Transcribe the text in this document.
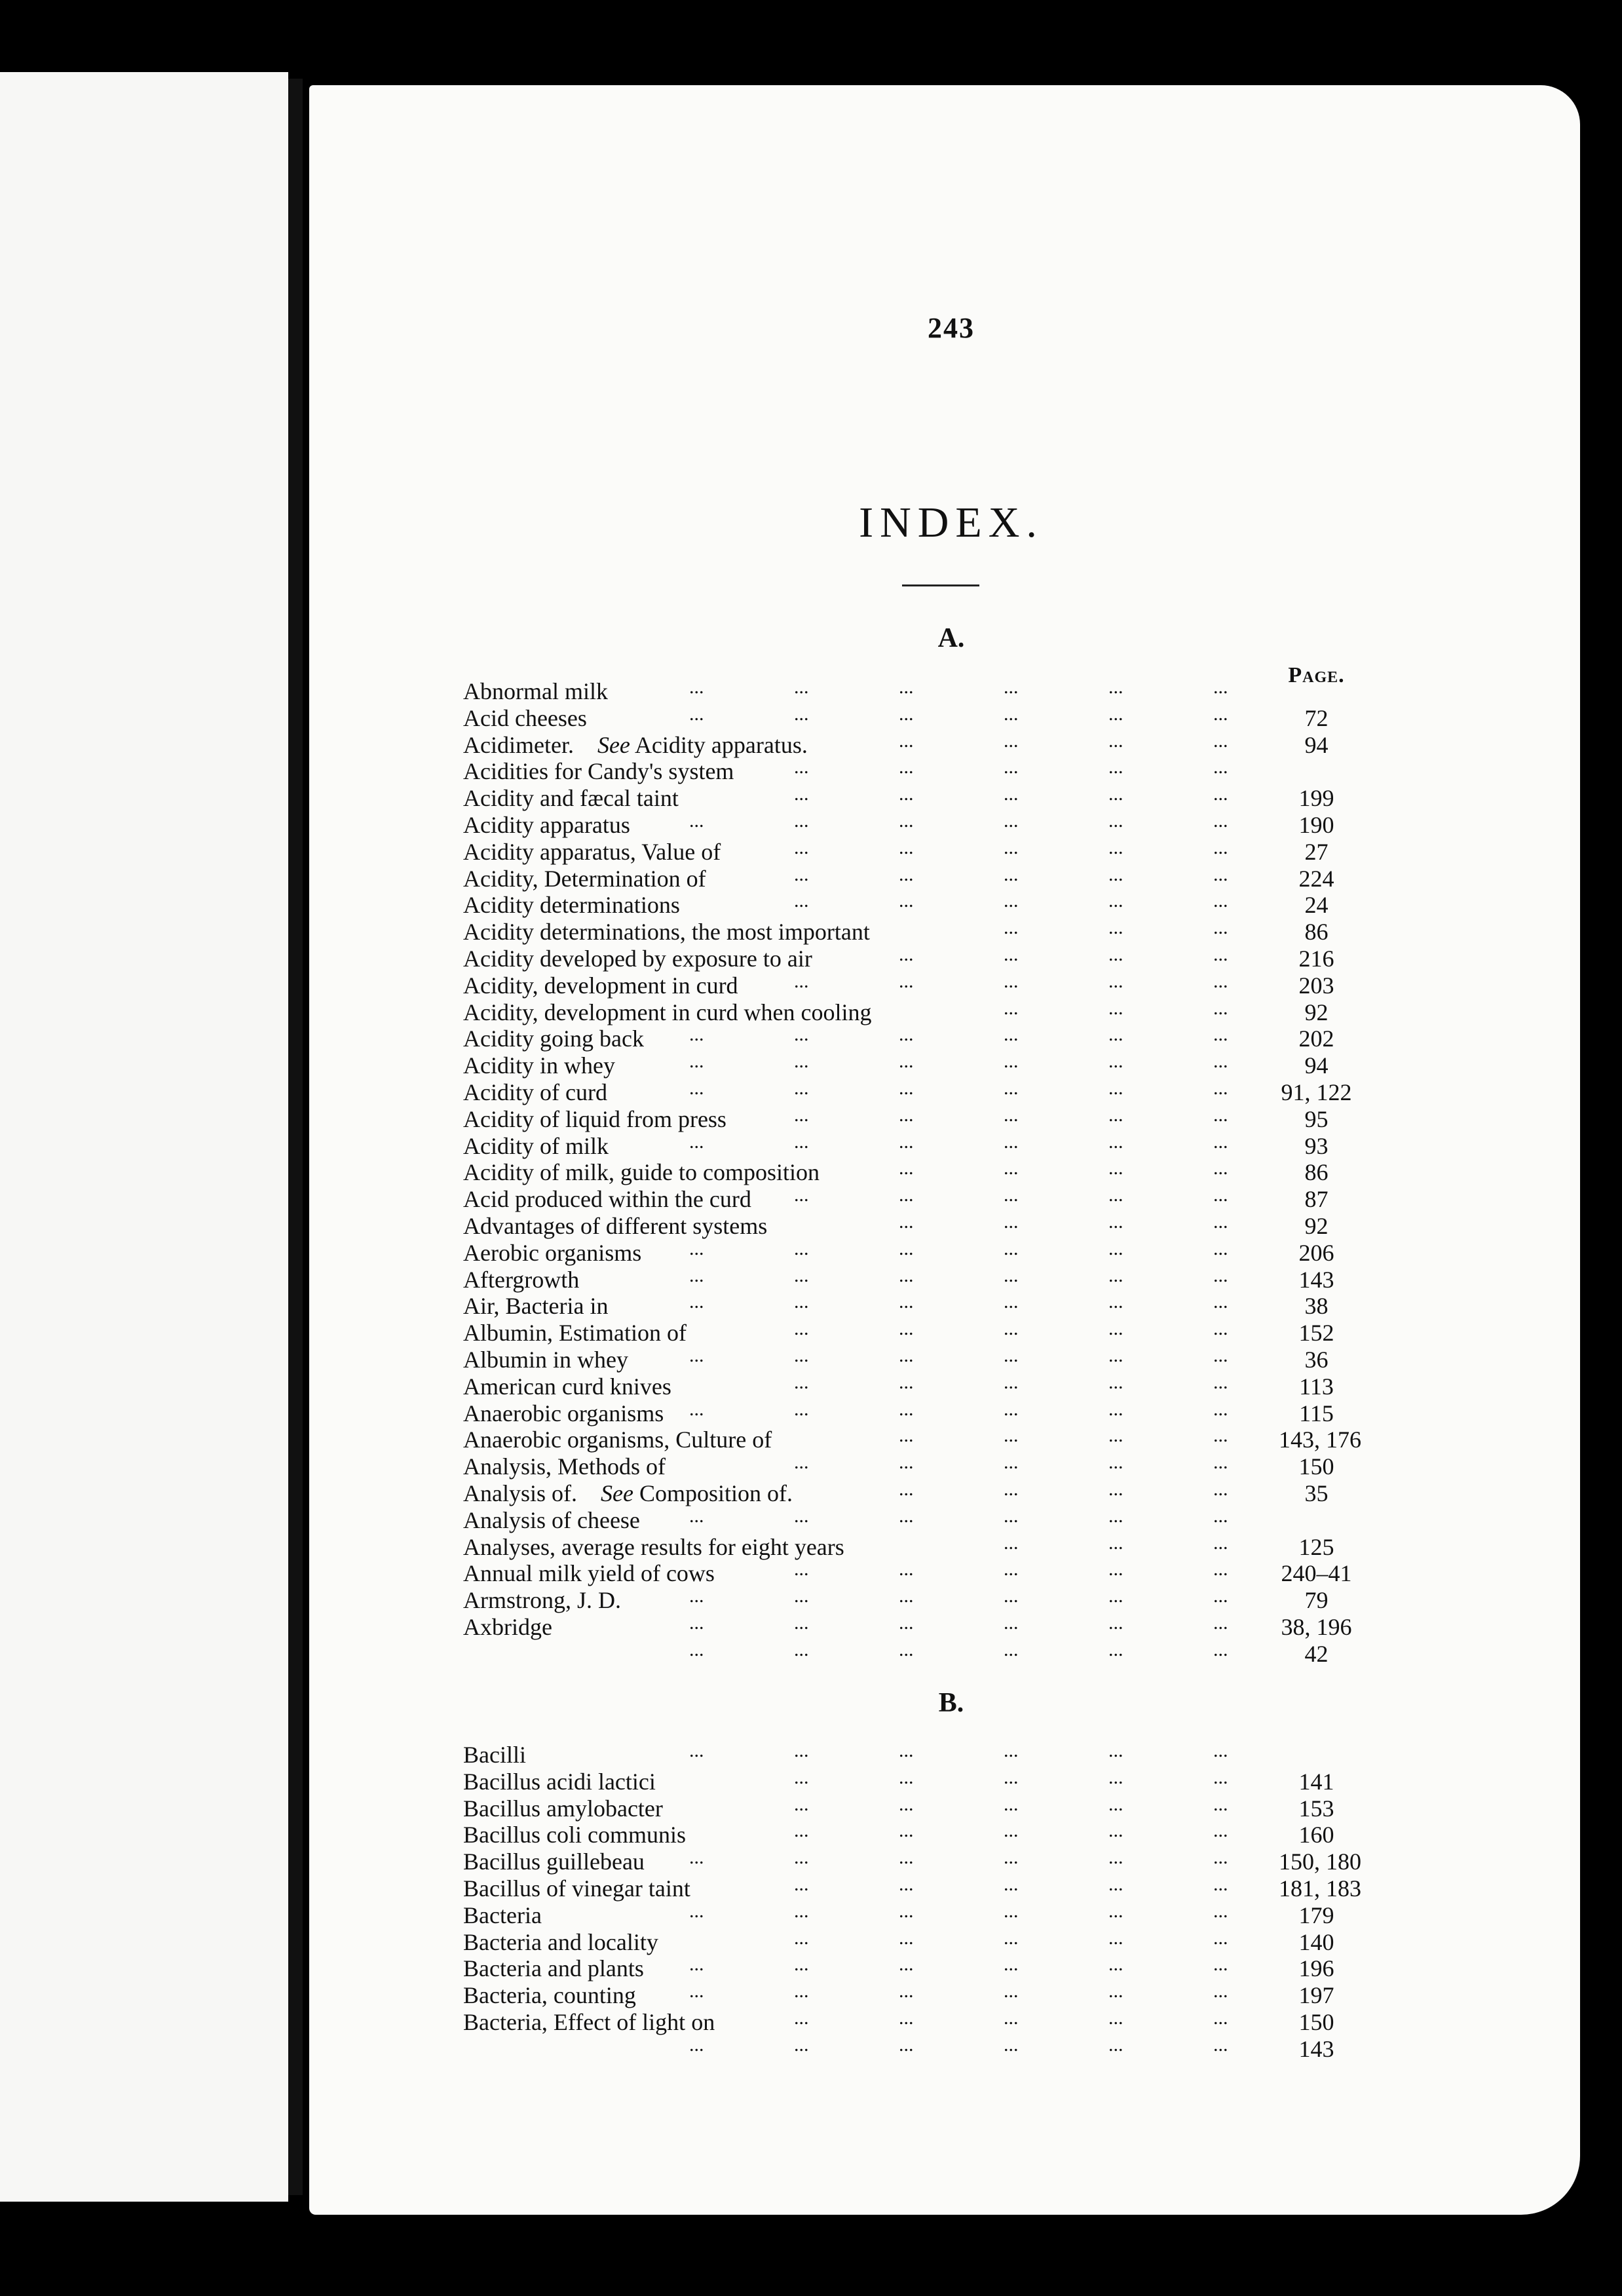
243
INDEX.
A.
Page.
Abnormal milk	...	...	...	...	...	...
Acid cheeses	...	...	...	...	...	...	72
Acidimeter.  See Acidity apparatus.	...	...	...	...	94
Acidities for Candy's system	...	...	...	...	...
Acidity and fæcal taint	...	...	...	...	...	199
Acidity apparatus	...	...	...	...	...	...	190
Acidity apparatus, Value of	...	...	...	...	...	27
Acidity, Determination of	...	...	...	...	...	224
Acidity determinations	...	...	...	...	...	24
Acidity determinations, the most important	...	...	...	86
Acidity developed by exposure to air	...	...	...	...	216
Acidity, development in curd	...	...	...	...	...	203
Acidity, development in curd when cooling	...	...	...	92
Acidity going back ...	...	...	...	...	...	202
Acidity in whey	...	...	...	...	...	...	94
Acidity of curd	...	...	...	...	...	... 91, 122
Acidity of liquid from press	...	...	...	...	...	95
Acidity of milk	...	...	...	...	...	...	93
Acidity of milk, guide to composition	...	...	...	...	86
Acid produced within the curd ...	...	...	...	...	87
Advantages of different systems	...	...	...	...	92
Aerobic organisms ...	...	...	...	...	...	206
Aftergrowth	...	...	...	...	...	...	143
Air, Bacteria in	...	...	...	...	...	...	38
Albumin, Estimation of	...	...	...	...	...	152
Albumin in whey	...	...	...	...	...	...	36
American curd knives	...	...	...	...	...	113
Anaerobic organisms ...	...	...	...	...	...	115
Anaerobic organisms, Culture of	...	...	...	... 143, 176
Analysis, Methods of	...	...	...	...	...	150
Analysis of.  See Composition of.	...	...	...	...	35
Analysis of cheese	...	...	...	...	...	...
Analyses, average results for eight years	...	...	...	125
Annual milk yield of cows	...	...	...	...	... 240–41
Armstrong, J. D.	...	...	...	...	...	...	79
Axbridge	...	...	...	...	...	... 38, 196
...	...	...	...	...	...	42
B.
Bacilli	...	...	...	...	...	...
Bacillus acidi lactici	...	...	...	...	...	141
Bacillus amylobacter	...	...	...	...	...	153
Bacillus coli communis	...	...	...	...	...	160
Bacillus guillebeau ...	...	...	...	...	... 150, 180
Bacillus of vinegar taint	...	...	...	...	... 181, 183
Bacteria	...	...	...	...	...	...	179
Bacteria and locality	...	...	...	...	...	140
Bacteria and plants ...	...	...	...	...	...	196
Bacteria, counting	...	...	...	...	...	...	197
Bacteria, Effect of light on	...	...	...	...	...	150
...	...	...	...	...	...	143
